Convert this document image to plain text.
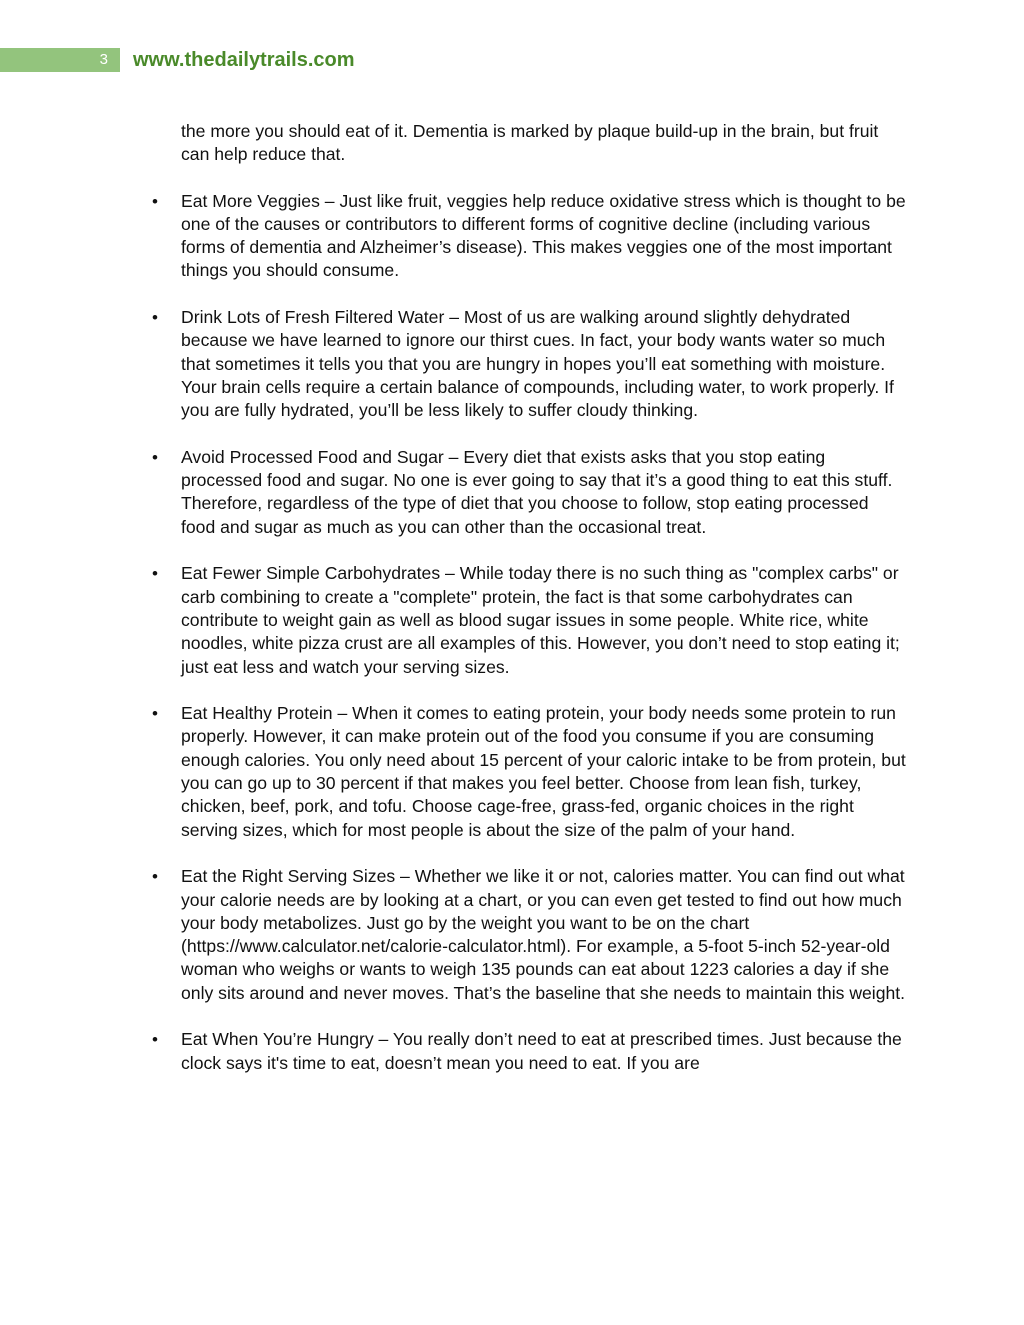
3	www.thedailytrails.com

the more you should eat of it. Dementia is marked by plaque build-up in the brain, but fruit can help reduce that.

• Eat More Veggies – Just like fruit, veggies help reduce oxidative stress which is thought to be one of the causes or contributors to different forms of cognitive decline (including various forms of dementia and Alzheimer’s disease). This makes veggies one of the most important things you should consume.
• Drink Lots of Fresh Filtered Water – Most of us are walking around slightly dehydrated because we have learned to ignore our thirst cues. In fact, your body wants water so much that sometimes it tells you that you are hungry in hopes you’ll eat something with moisture. Your brain cells require a certain balance of compounds, including water, to work properly. If you are fully hydrated, you’ll be less likely to suffer cloudy thinking.
• Avoid Processed Food and Sugar – Every diet that exists asks that you stop eating processed food and sugar. No one is ever going to say that it’s a good thing to eat this stuff. Therefore, regardless of the type of diet that you choose to follow, stop eating processed food and sugar as much as you can other than the occasional treat.
• Eat Fewer Simple Carbohydrates – While today there is no such thing as "complex carbs" or carb combining to create a "complete" protein, the fact is that some carbohydrates can contribute to weight gain as well as blood sugar issues in some people. White rice, white noodles, white pizza crust are all examples of this. However, you don’t need to stop eating it; just eat less and watch your serving sizes.
• Eat Healthy Protein – When it comes to eating protein, your body needs some protein to run properly. However, it can make protein out of the food you consume if you are consuming enough calories. You only need about 15 percent of your caloric intake to be from protein, but you can go up to 30 percent if that makes you feel better. Choose from lean fish, turkey, chicken, beef, pork, and tofu. Choose cage-free, grass-fed, organic choices in the right serving sizes, which for most people is about the size of the palm of your hand.
• Eat the Right Serving Sizes – Whether we like it or not, calories matter. You can find out what your calorie needs are by looking at a chart, or you can even get tested to find out how much your body metabolizes. Just go by the weight you want to be on the chart (https://www.calculator.net/calorie-calculator.html). For example, a 5-foot 5-inch 52-year-old woman who weighs or wants to weigh 135 pounds can eat about 1223 calories a day if she only sits around and never moves. That’s the baseline that she needs to maintain this weight.
• Eat When You’re Hungry – You really don’t need to eat at prescribed times. Just because the clock says it's time to eat, doesn’t mean you need to eat. If you are
